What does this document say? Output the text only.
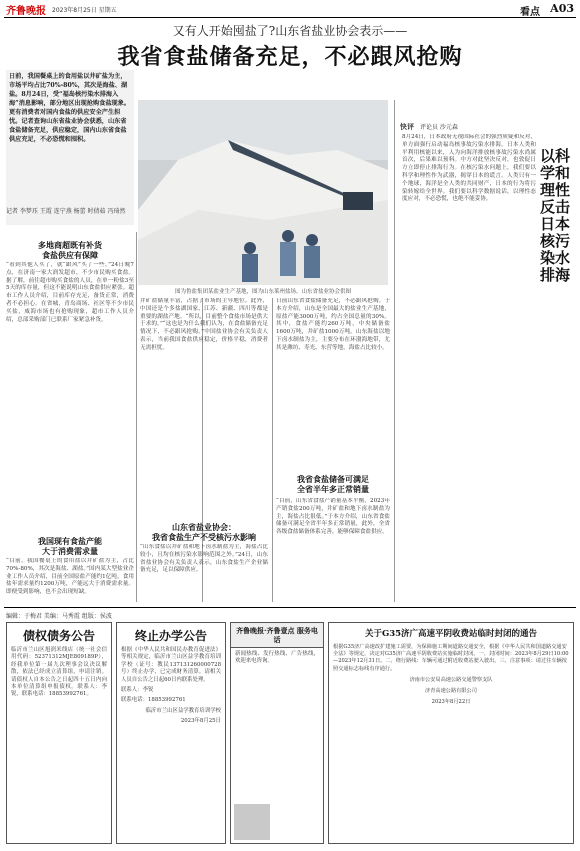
齐鲁晚报 2023年8月25日 星期五	看点 A03
又有人开始囤盐了?山东省盐业协会表示——
我省食盐储备充足，不必跟风抢购
日前，我国餐桌上的食用盐以井矿盐为主，市场平均占比70%-80%，其次是海盐、湖盐。8月24日，受“福岛核污染水排海入海”消息影响，部分地区出现抢购食盐现象。更有消费者对国内食盐的供应安全产生担忧。记者查询山东省盐业协会获悉，山东省食盐储备充足，供应稳定，国内山东省食盐供应充足，不必恐慌和囤积。
记者 李梦珏 王霞 连宁燕 杨蕾 时倩茹 冯琦然
图为鲁盐集团某盐业生产基地，图为山东莱州盐场。山东省盐业协会供图
多地商超既有补货
食盐供应有保障
“看到其他人买了，就“跟风”买了一些。”24日晚7点，在济南一家大润发超市，不少市民购买食盐。据了解，前往超市购买食盐的人员，在单一粉盐3至5天的库存量，但这不能说明山东食盐供应紧张。超市工作人员介绍，目前库存充足，备货正常，消费者不必担心。在省城，青岛商场、社区等不少市民买盐，威海市场也有抢购现象，超市工作人员介绍，总部采购部门已联系厂家紧急补货。
我国现有食盐产能
大于消费需求量
“目前，我国餐桌上的食用盐以井矿盐为主，占比70%-80%，其次是海盐、湖盐。”国内某大型盐业企业工作人员介绍，目前全国原盐产能约1亿吨，食用盐年需求量约1200万吨，产能远大于消费需求量。即便受到影响，也不会出现短缺。
井矿盐储量丰富，占据了市场的主导地位。此外，中国还是个多盐湖国家，江苏、新疆、四川等都是重要的湖盐产地。“所以，目前整个食盐市场是供大于求的，”“这也是为什么我们认为，在食盐储备充足情况下，不必跟风抢购。”中国盐业协会有关负责人表示，当前我国食盐供应稳定，价格平稳，消费者无需担忧。
山东省盐业协会：
我省食盐生产不受核污水影响
“山东食盐以井矿盐和地下卤水制盐为主，海盐占比较小，且均在核污染水影响范围之外。”24日，山东省盐业协会有关负责人表示，山东食盐生产企业储备充足，足以保障供应。
日前山东省食盐储备充足，不必跟风抢购。于本方介绍，山东是全国最大的盐业生产基地，原盐产能3000万吨，约占全国总量的30%。其中，食盐产能约260万吨，中央储备盐1600万吨，井矿盐1000万吨。山东海盐以地下卤水制盐为主，主要分布在环渤海地带，尤其是潍坊、寿光、东营等地，海盐占比较小。
我省食盐储备可满足
全省半年多正常销量
“目前，山东省食盐产销量基本平衡，2023年产销食盐200万吨，井矿盐和地下卤水制盐为主，海盐占比很低。”于本方介绍，山东省食盐储备可满足全省半年多正常销量，此外，全省各级食盐储备体系完善，能够保障食盐供应。
快评 评论员 沙元森
8月24日，日本政府无视国际社会的强烈质疑和反对，单方面强行启动福岛核事故污染水排海。日本人类和平利用核能以来，人为向海洋排放核事故污染水尚属首次，后果难以预料。中方对此坚决反对，也敦促日方立即停止排海行为。在核污染水问题上，我们要以科学和理性作为武器，揭穿日本的谎言。人类只有一个地球，海洋是全人类的共同财产，日本的行为将污染转嫁给全世界。我们要以科学数据说话，以理性态度应对，不必恐慌，也绝不能妥协。
以科学和理性 反击日本核污染水排海
编辑：于梅君 美编：马秀霞 组版：侯波
债权债务公告
临沂市兰山区旭润米线店（统一社会信用代码：52371312MJE809189P），经我单位第一届九次理事会议决议解散，依法已经成立清算组，申请注销。请债权人自本公告之日起四十五日内向本单位清算组申报债权。联系人：李锐，联系电话：18853992761。
终止办学公告
根据《中华人民共和国民办教育促进法》等相关规定，临沂市兰山区益学教育培训学校（证号：教民137131260000728号）终止办学，已完成财务清算。请相关人员自公告之日起60日内联系处理。
联系人：李锐
联系电话：18853992761
临沂市兰山区益学教育培训学校
2023年8月25日
齐鲁晚报·齐鲁壹点 服务电话
新闻热线、发行热线、广告热线，欢迎来电咨询。
关于G35济广高速平阴收费站临时封闭的通告
根据G35济广高速改扩建施工需要，为保障施工期间道路交通安全，根据《中华人民共和国道路交通安全法》等规定，决定对G35济广高速平阴收费站实施临时封闭。一、封闭时间：2023年8月29日10:00—2023年12月31日。二、绕行路线：车辆可通过附近收费站驶入驶出。三、注意事项：请过往车辆按照交通标志标线有序通行。
济南市公安局高速公路交通警察支队
济青高速公路有限公司
2023年8月22日
